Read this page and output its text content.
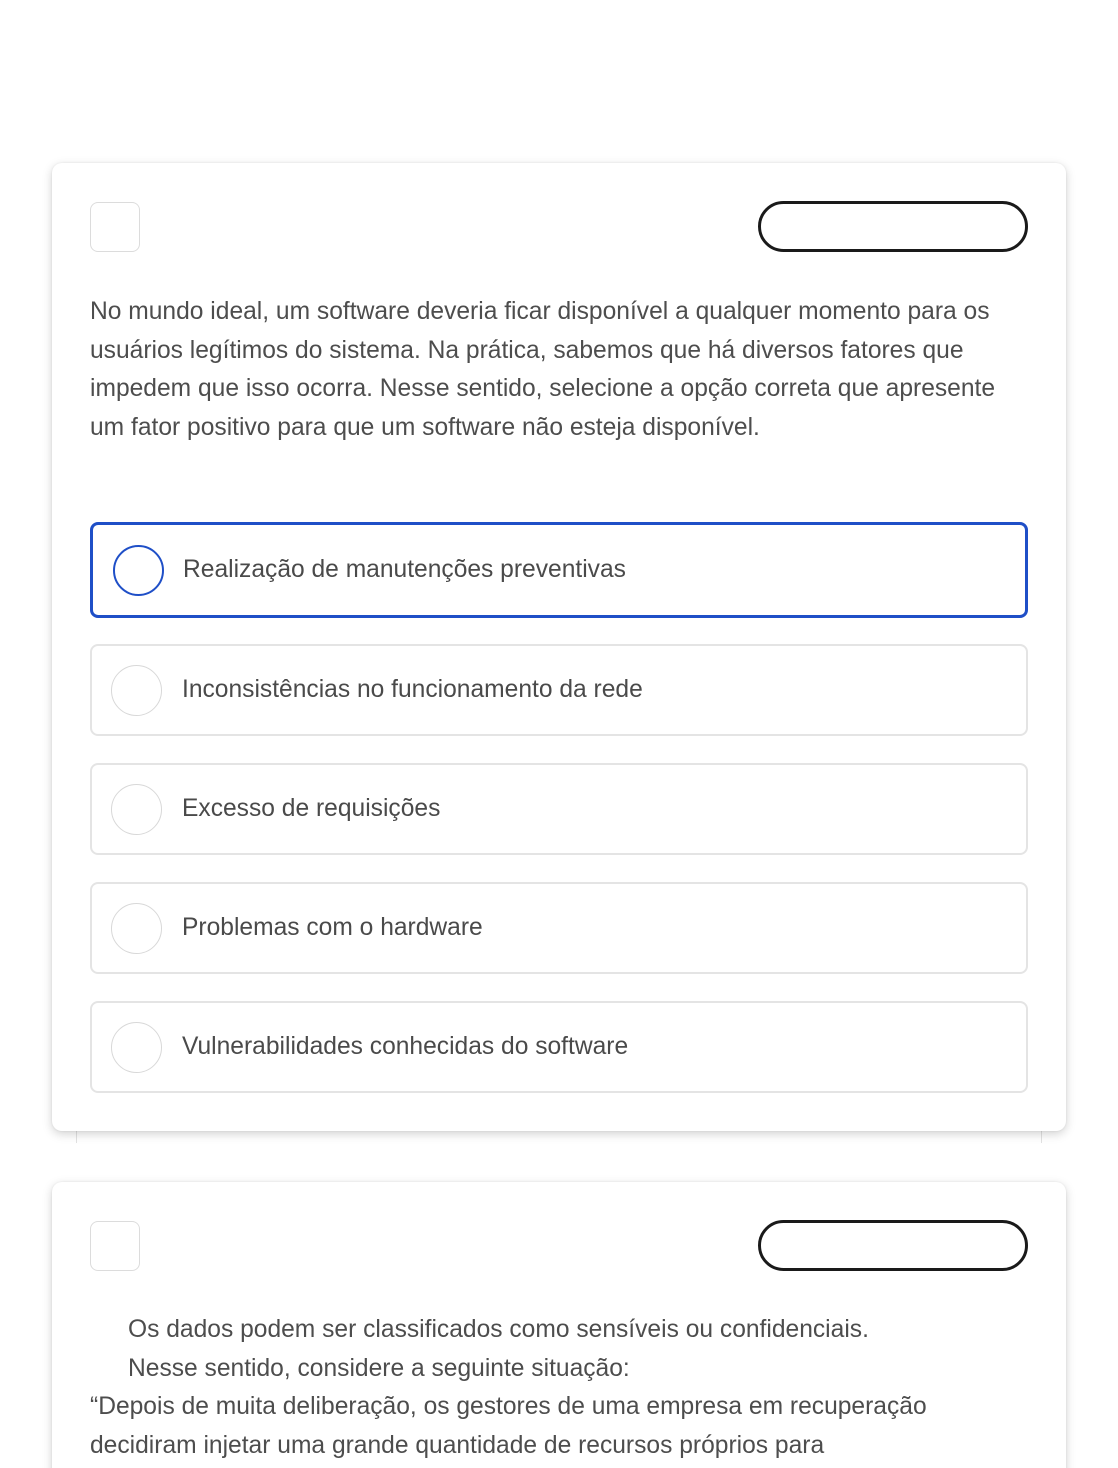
No mundo ideal, um software deveria ficar disponível a qualquer momento para os usuários legítimos do sistema. Na prática, sabemos que há diversos fatores que impedem que isso ocorra. Nesse sentido, selecione a opção correta que apresente um fator positivo para que um software não esteja disponível.

Realização de manutenções preventivas
Inconsistências no funcionamento da rede
Excesso de requisições
Problemas com o hardware
Vulnerabilidades conhecidas do software
Os dados podem ser classificados como sensíveis ou confidenciais.
Nesse sentido, considere a seguinte situação:
“Depois de muita deliberação, os gestores de uma empresa em recuperação decidiram injetar uma grande quantidade de recursos próprios para
